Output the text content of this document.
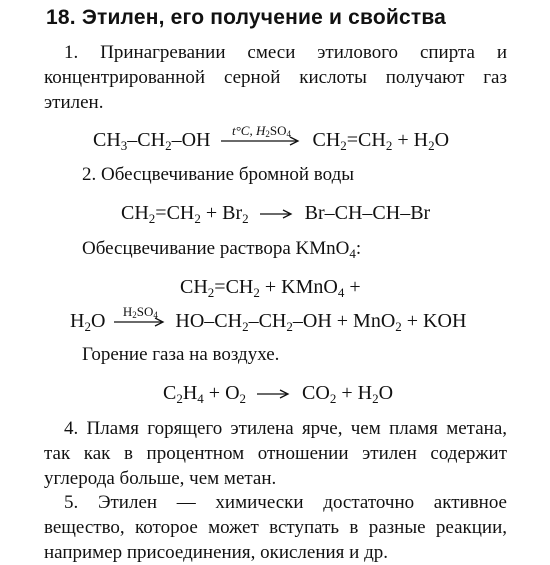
18. Этилен, его получение и свойства
1. Принагревании смеси этилового спирта и концентрированной серной кислоты получают газ этилен.
$CH_3-CH_2-OH$	t°C, $H_2SO_4$	$CH_2=CH_2 + H_2O$
2. Обесцвечивание бромной воды
$CH_2=CH_2 + Br_2 \to Br-CH-CH-Br$
Обесцвечивание раствора KMnO$_4$:
$CH_2=CH_2$ + KMnO$_4$ +
$H_2O$	$H_2SO_4$ $HO-CH_2-CH_2-OH + MnO_2$ + KOH
Горение газа на воздухе.
$C_2H_4 + O_2 \to CO_2 + H_2O$
4. Пламя горящего этилена ярче, чем пламя метана, так как в процентном отношении этилен содержит углерода больше, чем метан.
5. Этилен — химически достаточно активное вещество, которое может вступать в разные реакции, например присоединения, окисления и др.
